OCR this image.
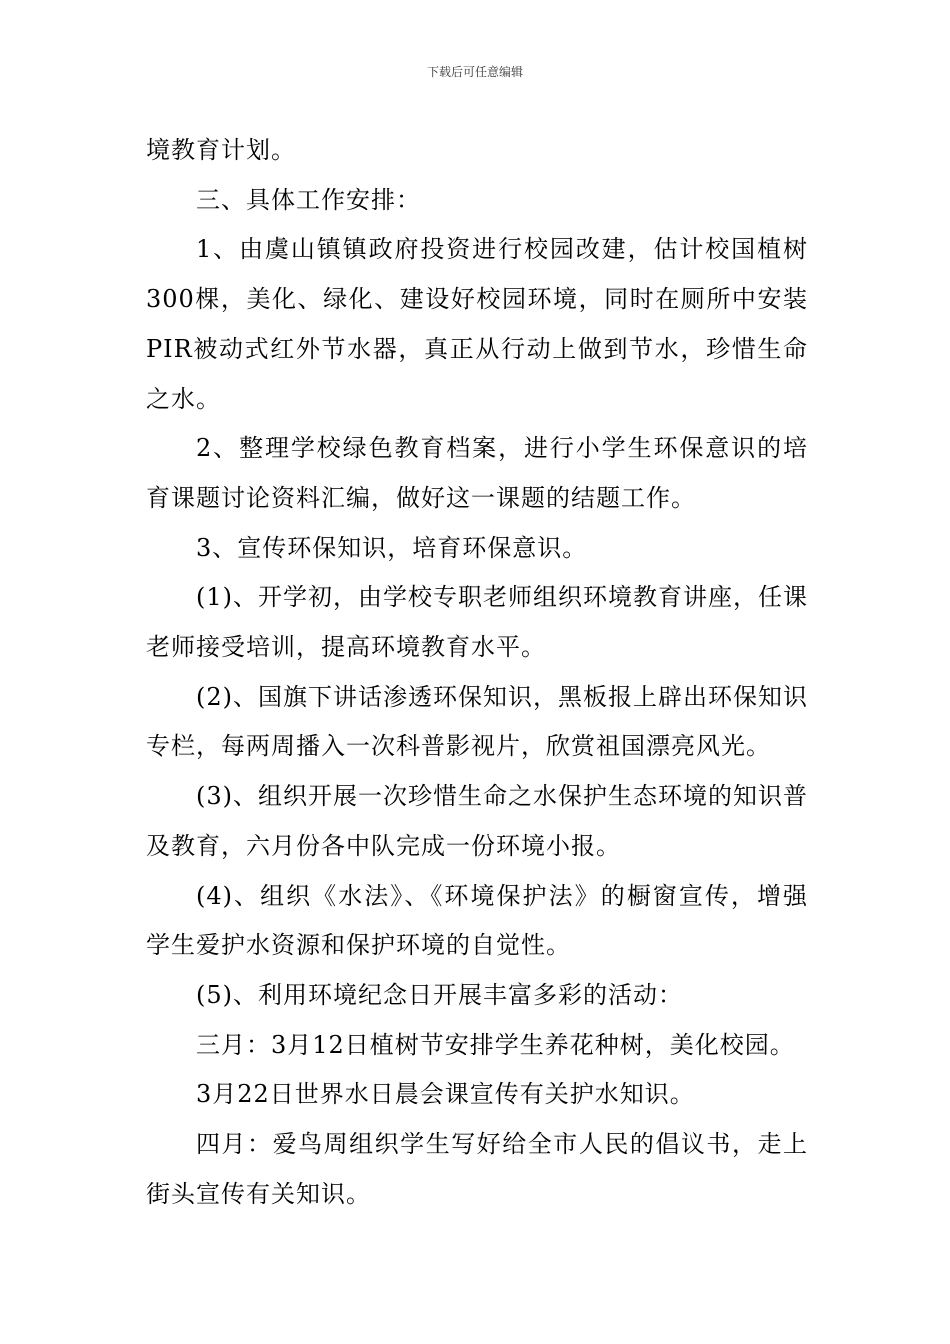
下载后可任意编辑

境教育计划。

三、具体工作安排：

1、由虞山镇镇政府投资进行校园改建，估计校国植树300棵，美化、绿化、建设好校园环境，同时在厕所中安装PIR被动式红外节水器，真正从行动上做到节水，珍惜生命之水。

2、整理学校绿色教育档案，进行小学生环保意识的培育课题讨论资料汇编，做好这一课题的结题工作。

3、宣传环保知识，培育环保意识。

(1)、开学初，由学校专职老师组织环境教育讲座，任课老师接受培训，提高环境教育水平。

(2)、国旗下讲话渗透环保知识，黑板报上辟出环保知识专栏，每两周播入一次科普影视片，欣赏祖国漂亮风光。

(3)、组织开展一次珍惜生命之水保护生态环境的知识普及教育，六月份各中队完成一份环境小报。

(4)、组织《水法》、《环境保护法》的橱窗宣传，增强学生爱护水资源和保护环境的自觉性。

(5)、利用环境纪念日开展丰富多彩的活动：

三月：3月12日植树节安排学生养花种树，美化校园。

3月22日世界水日晨会课宣传有关护水知识。

四月：爱鸟周组织学生写好给全市人民的倡议书，走上街头宣传有关知识。
